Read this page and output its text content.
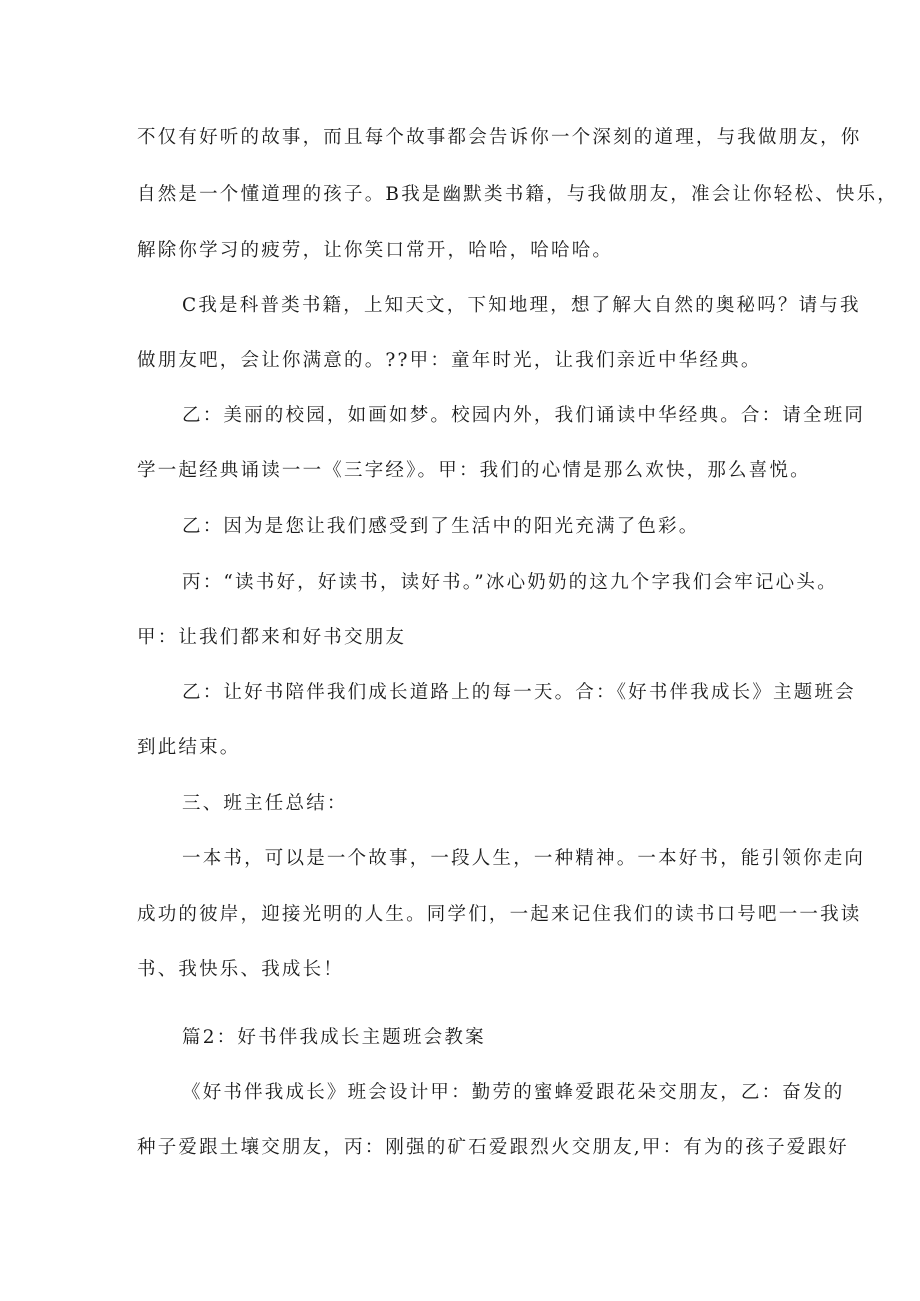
不仅有好听的故事，而且每个故事都会告诉你一个深刻的道理，与我做朋友，你
自然是一个懂道理的孩子。B我是幽默类书籍，与我做朋友，准会让你轻松、快乐，
解除你学习的疲劳，让你笑口常开，哈哈，哈哈哈。
C我是科普类书籍，上知天文，下知地理，想了解大自然的奥秘吗？请与我
做朋友吧，会让你满意的。??甲：童年时光，让我们亲近中华经典。
乙：美丽的校园，如画如梦。校园内外，我们诵读中华经典。合：请全班同
学一起经典诵读一一《三字经》。甲：我们的心情是那么欢快，那么喜悦。
乙：因为是您让我们感受到了生活中的阳光充满了色彩。
丙：“读书好，好读书，读好书。”冰心奶奶的这九个字我们会牢记心头。
甲：让我们都来和好书交朋友
乙：让好书陪伴我们成长道路上的每一天。合：《好书伴我成长》主题班会
到此结束。
三、班主任总结：
一本书，可以是一个故事，一段人生，一种精神。一本好书，能引领你走向
成功的彼岸，迎接光明的人生。同学们，一起来记住我们的读书口号吧一一我读
书、我快乐、我成长！
篇2：好书伴我成长主题班会教案
《好书伴我成长》班会设计甲：勤劳的蜜蜂爱跟花朵交朋友，乙：奋发的
种子爱跟土壤交朋友，丙：刚强的矿石爱跟烈火交朋友,甲：有为的孩子爱跟好
